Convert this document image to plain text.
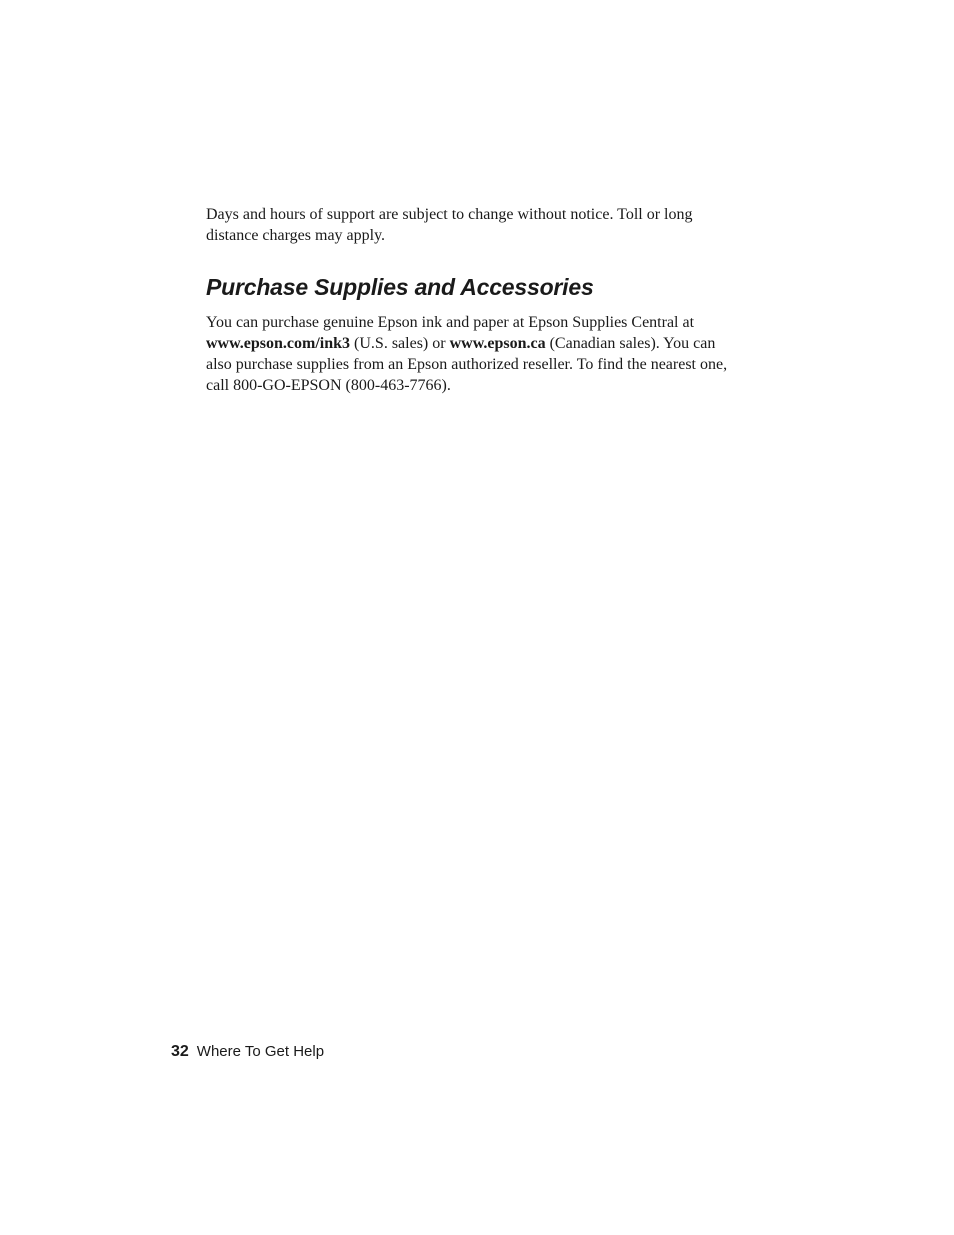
Days and hours of support are subject to change without notice. Toll or long
distance charges may apply.

Purchase Supplies and Accessories

You can purchase genuine Epson ink and paper at Epson Supplies Central at
www.epson.com/ink3 (U.S. sales) or www.epson.ca (Canadian sales). You can
also purchase supplies from an Epson authorized reseller. To find the nearest one,
call 800-GO-EPSON (800-463-7766).

32 Where To Get Help
